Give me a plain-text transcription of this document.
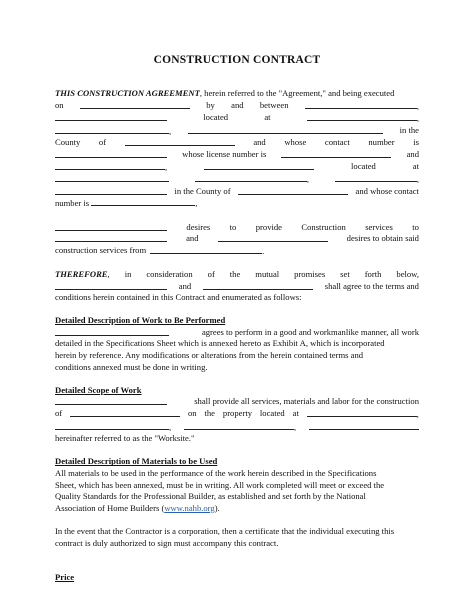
CONSTRUCTION CONTRACT
THIS CONSTRUCTION AGREEMENT, herein referred to the "Agreement," and being executed
on	by and between	,
located	at	,
,	in the
County of	and whose contact number is
whose license number is	and
,	located	at
,	,
in the County of	and whose contact
number is	,
desires to provide Construction services to
and	desires to obtain said
construction services from	.
THEREFORE, in consideration of the mutual promises set forth below,
and	shall agree to the terms and
conditions herein contained in this Contract and enumerated as follows:
Detailed Description of Work to Be Performed
agrees to perform in a good and workmanlike manner, all work
detailed in the Specifications Sheet which is annexed hereto as Exhibit A, which is incorporated
herein by reference. Any modifications or alterations from the herein contained terms and
conditions annexed must be done in writing.
Detailed Scope of Work
shall provide all services, materials and labor for the construction
of	on the property located at	,
,	,
hereinafter referred to as the "Worksite."
Detailed Description of Materials to be Used
All materials to be used in the performance of the work herein described in the Specifications
Sheet, which has been annexed, must be in writing. All work completed will meet or exceed the
Quality Standards for the Professional Builder, as established and set forth by the National
Association of Home Builders (www.nahb.org).
In the event that the Contractor is a corporation, then a certificate that the individual executing this
contract is duly authorized to sign must accompany this contract.
Price
